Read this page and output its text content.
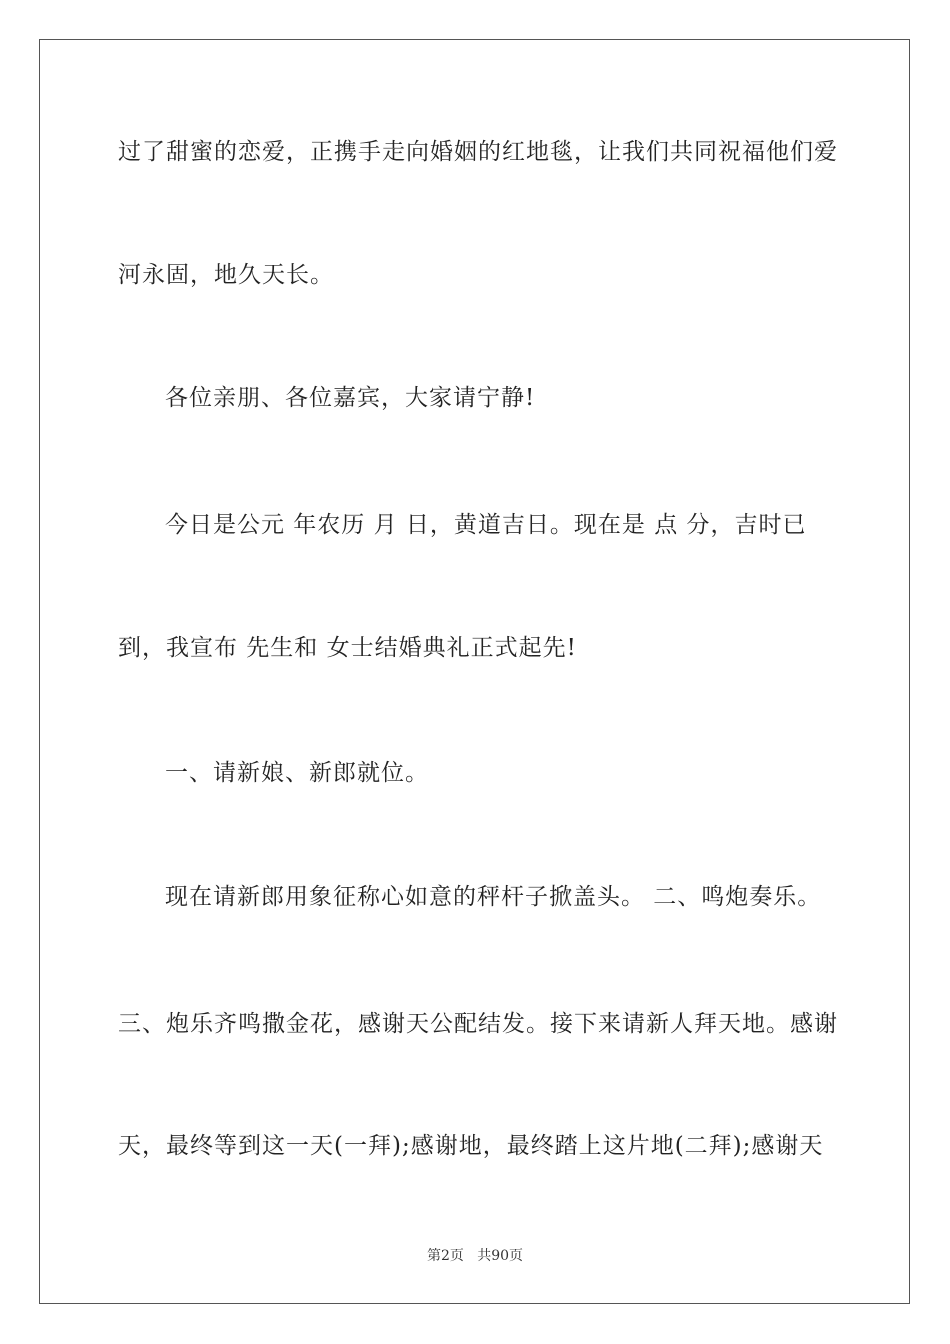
过了甜蜜的恋爱，正携手走向婚姻的红地毯，让我们共同祝福他们爱
河永固，地久天长。
各位亲朋、各位嘉宾，大家请宁静!
今日是公元 年农历 月 日，黄道吉日。现在是 点 分，吉时已
到，我宣布 先生和 女士结婚典礼正式起先!
一、请新娘、新郎就位。
现在请新郎用象征称心如意的秤杆子掀盖头。 二、鸣炮奏乐。
三、炮乐齐鸣撒金花，感谢天公配结发。接下来请新人拜天地。感谢
天，最终等到这一天(一拜);感谢地，最终踏上这片地(二拜);感谢天
第2页 共90页
